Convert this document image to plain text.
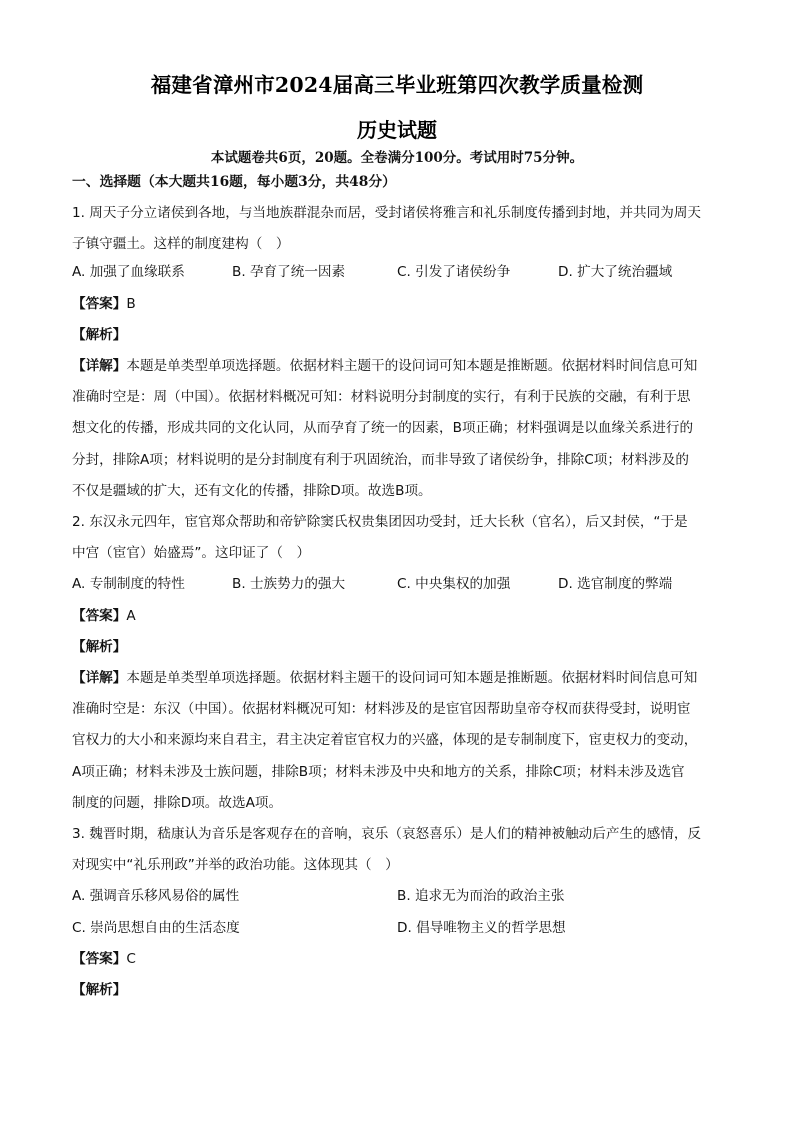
福建省漳州市2024届高三毕业班第四次教学质量检测
历史试题
本试题卷共6页，20题。全卷满分100分。考试用时75分钟。
一、选择题（本大题共16题，每小题3分，共48分）
1. 周天子分立诸侯到各地，与当地族群混杂而居，受封诸侯将雅言和礼乐制度传播到封地，并共同为周天
子镇守疆土。这样的制度建构（　）
A. 加强了血缘联系	B. 孕育了统一因素	C. 引发了诸侯纷争	D. 扩大了统治疆域
【答案】B
【解析】
【详解】本题是单类型单项选择题。依据材料主题干的设问词可知本题是推断题。依据材料时间信息可知
准确时空是：周（中国）。依据材料概况可知：材料说明分封制度的实行，有利于民族的交融，有利于思
想文化的传播，形成共同的文化认同，从而孕育了统一的因素，B项正确；材料强调是以血缘关系进行的
分封，排除A项；材料说明的是分封制度有利于巩固统治，而非导致了诸侯纷争，排除C项；材料涉及的
不仅是疆域的扩大，还有文化的传播，排除D项。故选B项。
2. 东汉永元四年，宦官郑众帮助和帝铲除窦氏权贵集团因功受封，迁大长秋（官名），后又封侯，“于是
中宫（宦官）始盛焉”。这印证了（　）
A. 专制制度的特性	B. 士族势力的强大	C. 中央集权的加强	D. 选官制度的弊端
【答案】A
【解析】
【详解】本题是单类型单项选择题。依据材料主题干的设问词可知本题是推断题。依据材料时间信息可知
准确时空是：东汉（中国）。依据材料概况可知：材料涉及的是宦官因帮助皇帝夺权而获得受封，说明宦
官权力的大小和来源均来自君主，君主决定着宦官权力的兴盛，体现的是专制制度下，宦吏权力的变动，
A项正确；材料未涉及士族问题，排除B项；材料未涉及中央和地方的关系，排除C项；材料未涉及选官
制度的问题，排除D项。故选A项。
3. 魏晋时期，嵇康认为音乐是客观存在的音响，哀乐（哀怒喜乐）是人们的精神被触动后产生的感情，反
对现实中“礼乐刑政”并举的政治功能。这体现其（　）
A. 强调音乐移风易俗的属性	B. 追求无为而治的政治主张
C. 崇尚思想自由的生活态度	D. 倡导唯物主义的哲学思想
【答案】C
【解析】
